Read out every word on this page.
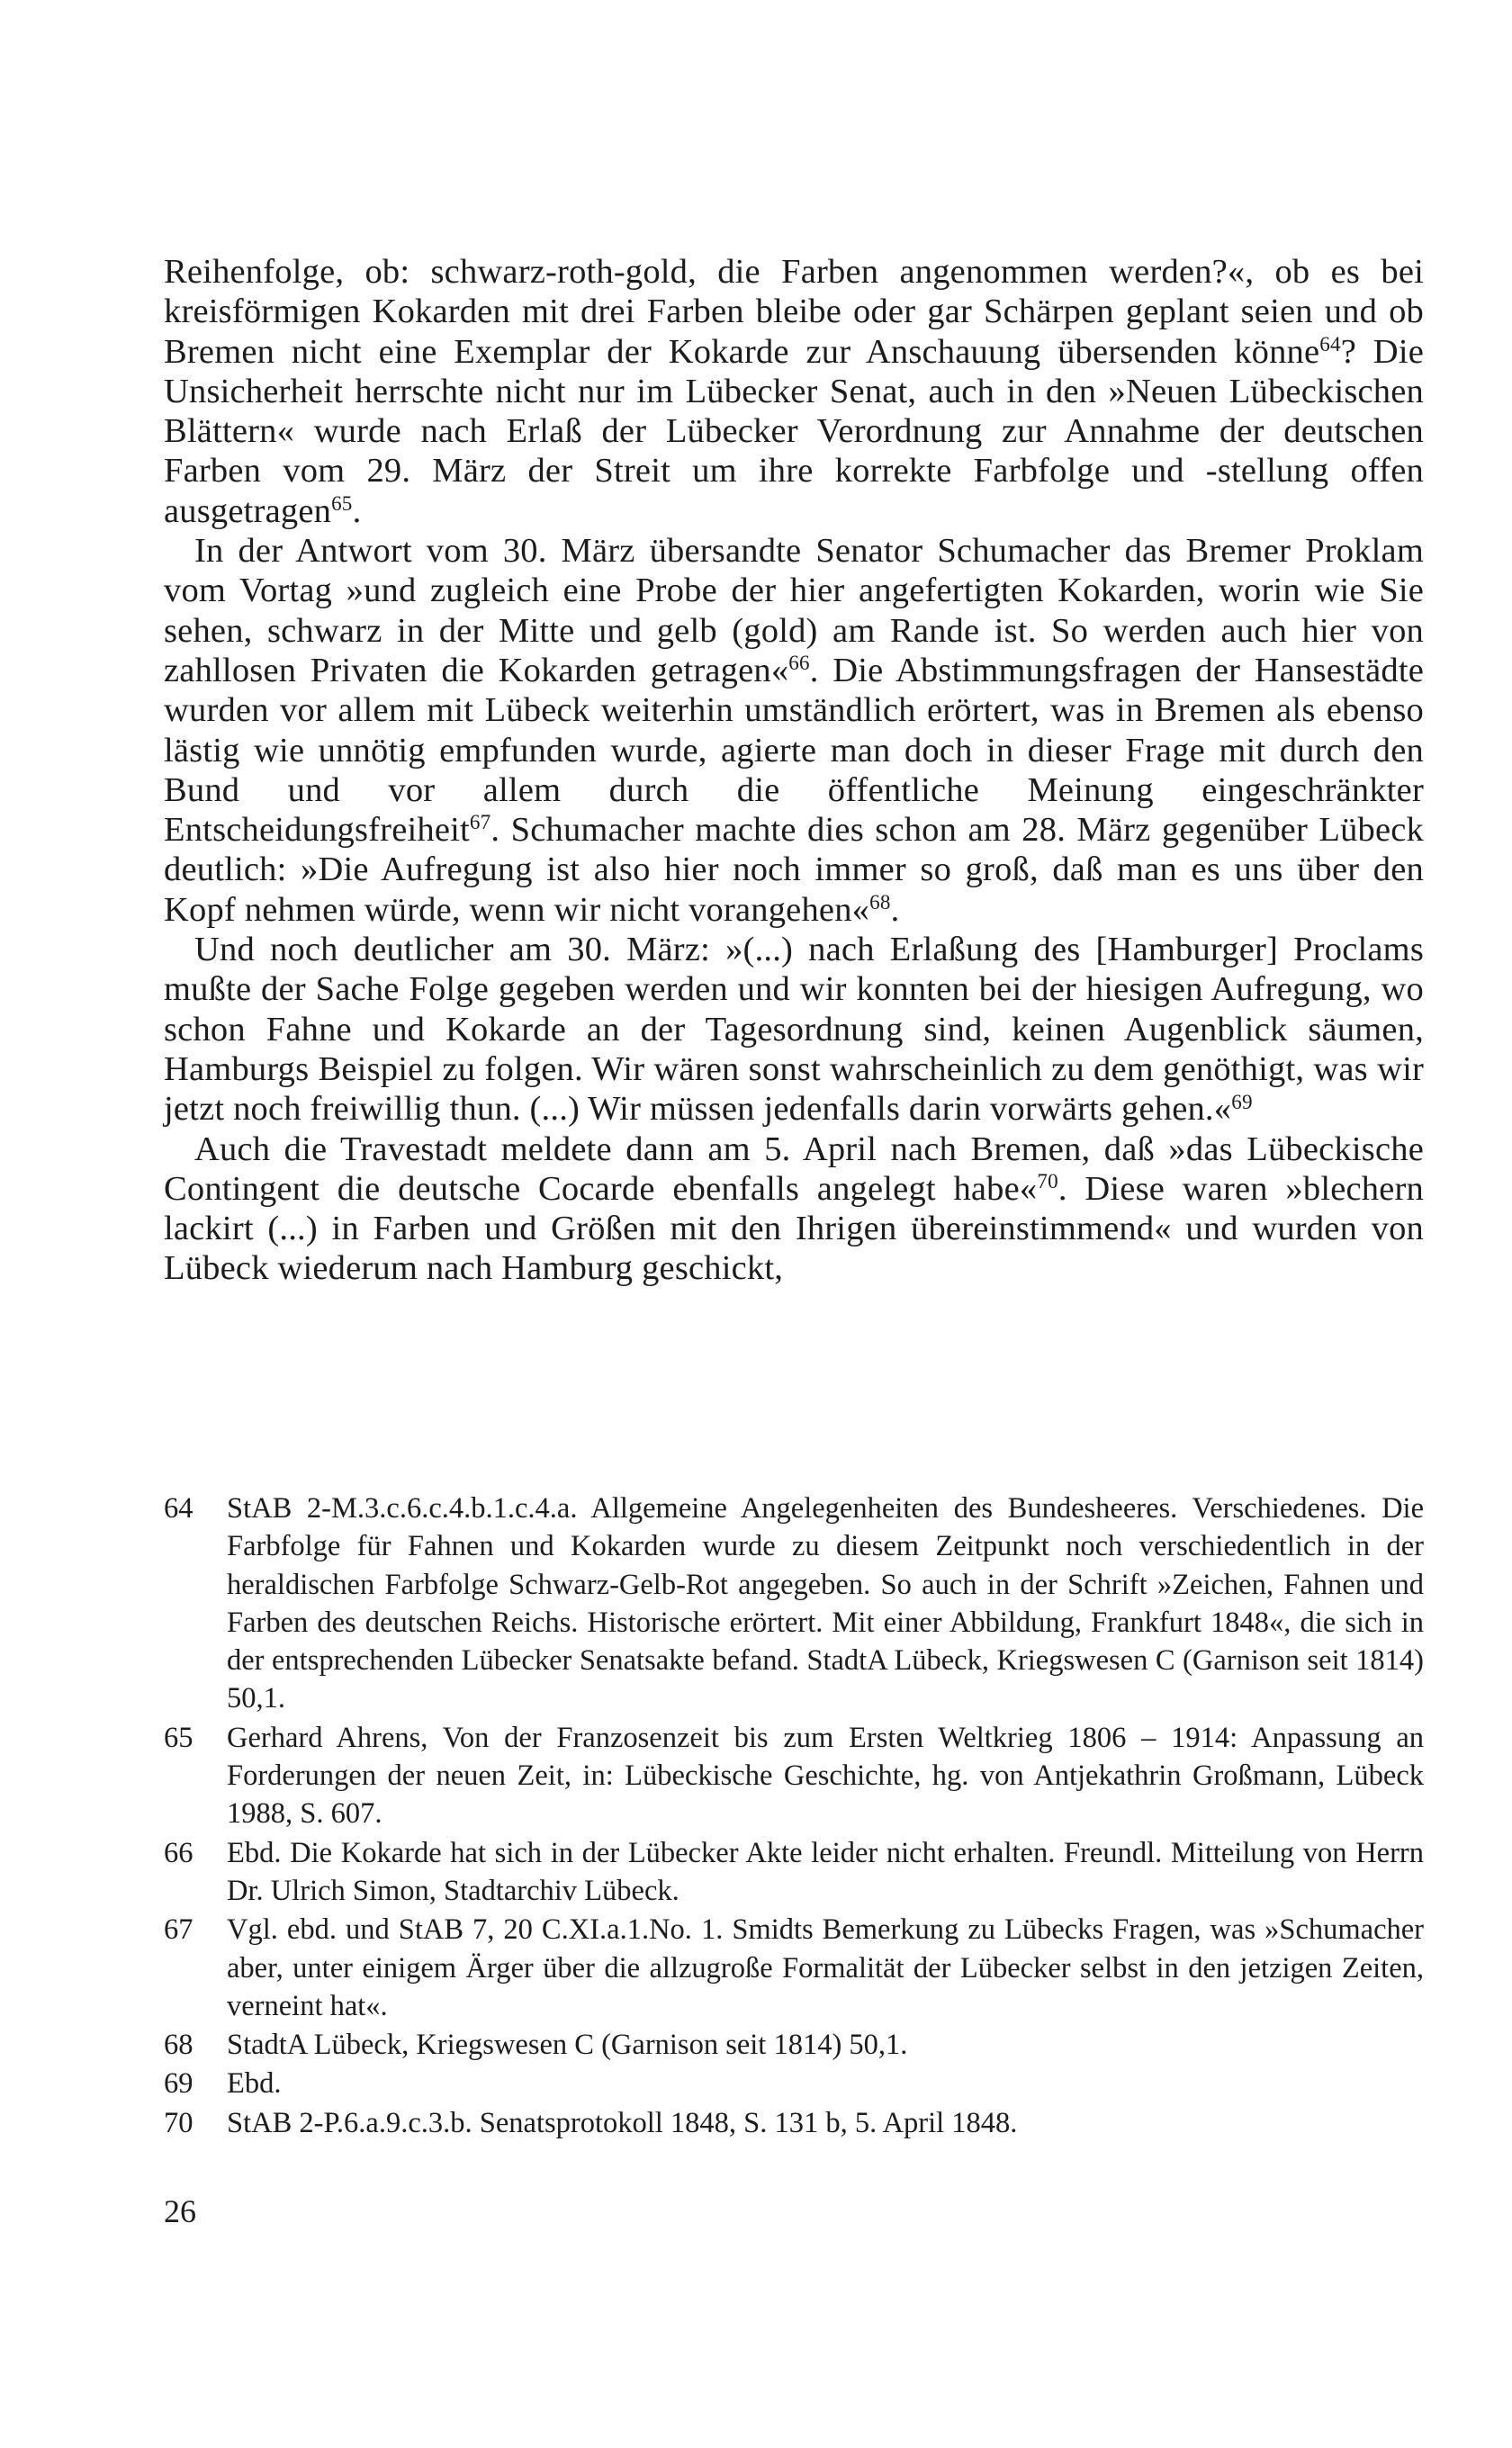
Reihenfolge, ob: schwarz-roth-gold, die Farben angenommen werden?«, ob es bei kreisförmigen Kokarden mit drei Farben bleibe oder gar Schärpen geplant seien und ob Bremen nicht eine Exemplar der Kokarde zur Anschauung übersenden könne$^{64}$? Die Unsicherheit herrschte nicht nur im Lübecker Senat, auch in den »Neuen Lübeckischen Blättern« wurde nach Erlaß der Lübecker Verordnung zur Annahme der deutschen Farben vom 29. März der Streit um ihre korrekte Farbfolge und -stellung offen ausgetragen$^{65}$.

In der Antwort vom 30. März übersandte Senator Schumacher das Bremer Proklam vom Vortag »und zugleich eine Probe der hier angefertigten Kokarden, worin wie Sie sehen, schwarz in der Mitte und gelb (gold) am Rande ist. So werden auch hier von zahllosen Privaten die Kokarden getragen«$^{66}$. Die Abstimmungsfragen der Hansestädte wurden vor allem mit Lübeck weiterhin umständlich erörtert, was in Bremen als ebenso lästig wie unnötig empfunden wurde, agierte man doch in dieser Frage mit durch den Bund und vor allem durch die öffentliche Meinung eingeschränkter Entscheidungsfreiheit$^{67}$. Schumacher machte dies schon am 28. März gegenüber Lübeck deutlich: »Die Aufregung ist also hier noch immer so groß, daß man es uns über den Kopf nehmen würde, wenn wir nicht vorangehen«$^{68}$.

Und noch deutlicher am 30. März: »(...) nach Erlaßung des [Hamburger] Proclams mußte der Sache Folge gegeben werden und wir konnten bei der hiesigen Aufregung, wo schon Fahne und Kokarde an der Tagesordnung sind, keinen Augenblick säumen, Hamburgs Beispiel zu folgen. Wir wären sonst wahrscheinlich zu dem genöthigt, was wir jetzt noch freiwillig thun. (...) Wir müssen jedenfalls darin vorwärts gehen.«$^{69}$

Auch die Travestadt meldete dann am 5. April nach Bremen, daß »das Lübeckische Contingent die deutsche Cocarde ebenfalls angelegt habe«$^{70}$. Diese waren »blechern lackirt (...) in Farben und Größen mit den Ihrigen übereinstimmend« und wurden von Lübeck wiederum nach Hamburg geschickt,

64	StAB 2-M.3.c.6.c.4.b.1.c.4.a. Allgemeine Angelegenheiten des Bundesheeres. Verschiedenes. Die Farbfolge für Fahnen und Kokarden wurde zu diesem Zeitpunkt noch verschiedentlich in der heraldischen Farbfolge Schwarz-Gelb-Rot angegeben. So auch in der Schrift »Zeichen, Fahnen und Farben des deutschen Reichs. Historische erörtert. Mit einer Abbildung, Frankfurt 1848«, die sich in der entsprechenden Lübecker Senatsakte befand. StadtA Lübeck, Kriegswesen C (Garnison seit 1814) 50,1.
65	Gerhard Ahrens, Von der Franzosenzeit bis zum Ersten Weltkrieg 1806 – 1914: Anpassung an Forderungen der neuen Zeit, in: Lübeckische Geschichte, hg. von Antjekathrin Großmann, Lübeck 1988, S. 607.
66	Ebd. Die Kokarde hat sich in der Lübecker Akte leider nicht erhalten. Freundl. Mitteilung von Herrn Dr. Ulrich Simon, Stadtarchiv Lübeck.
67	Vgl. ebd. und StAB 7, 20 C.XI.a.1.No. 1. Smidts Bemerkung zu Lübecks Fragen, was »Schumacher aber, unter einigem Ärger über die allzugroße Formalität der Lübecker selbst in den jetzigen Zeiten, verneint hat«.
68	StadtA Lübeck, Kriegswesen C (Garnison seit 1814) 50,1.
69	Ebd.
70	StAB 2-P.6.a.9.c.3.b. Senatsprotokoll 1848, S. 131 b, 5. April 1848.
26
